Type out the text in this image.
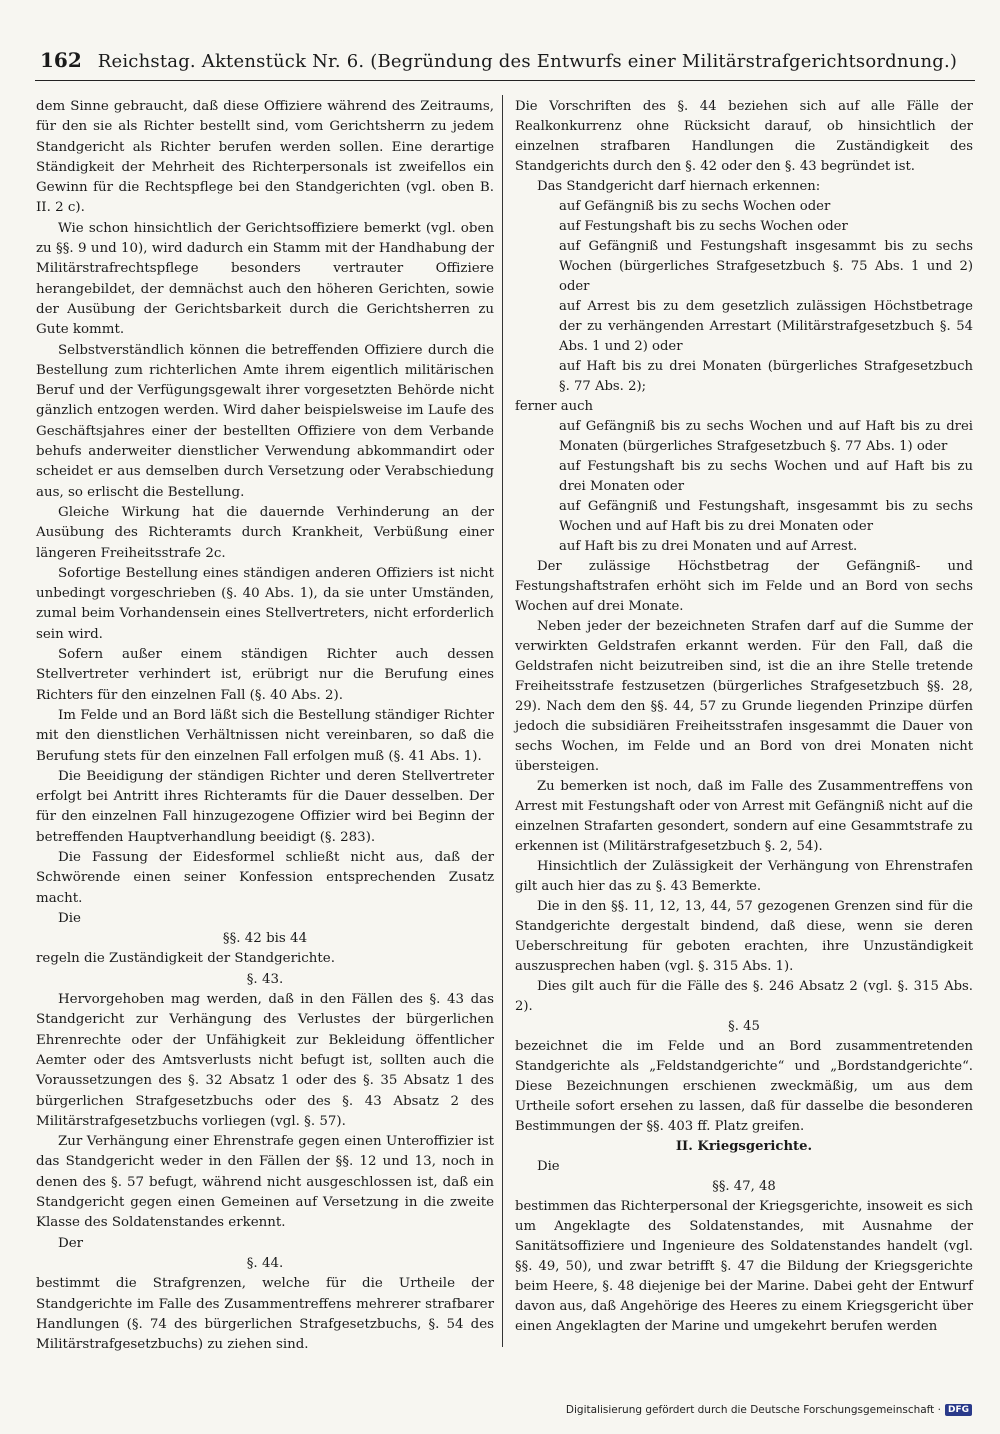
162 Reichstag. Aktenstück Nr. 6. (Begründung des Entwurfs einer Militärstrafgerichtsordnung.)

dem Sinne gebraucht, daß diese Offiziere während des Zeitraums, für den sie als Richter bestellt sind, vom Gerichtsherrn zu jedem Standgericht als Richter berufen werden sollen. Eine derartige Ständigkeit der Mehrheit des Richterpersonals ist zweifellos ein Gewinn für die Rechtspflege bei den Standgerichten (vgl. oben B. II. 2 c).

Wie schon hinsichtlich der Gerichtsoffiziere bemerkt (vgl. oben zu §§. 9 und 10), wird dadurch ein Stamm mit der Handhabung der Militärstrafrechtspflege besonders vertrauter Offiziere herangebildet, der demnächst auch den höheren Gerichten, sowie der Ausübung der Gerichtsbarkeit durch die Gerichtsherren zu Gute kommt.

Selbstverständlich können die betreffenden Offiziere durch die Bestellung zum richterlichen Amte ihrem eigentlich militärischen Beruf und der Verfügungsgewalt ihrer vorgesetzten Behörde nicht gänzlich entzogen werden. Wird daher beispielsweise im Laufe des Geschäftsjahres einer der bestellten Offiziere von dem Verbande behufs anderweiter dienstlicher Verwendung abkommandirt oder scheidet er aus demselben durch Versetzung oder Verabschiedung aus, so erlischt die Bestellung.

Gleiche Wirkung hat die dauernde Verhinderung an der Ausübung des Richteramts durch Krankheit, Verbüßung einer längeren Freiheitsstrafe 2c.

Sofortige Bestellung eines ständigen anderen Offiziers ist nicht unbedingt vorgeschrieben (§. 40 Abs. 1), da sie unter Umständen, zumal beim Vorhandensein eines Stellvertreters, nicht erforderlich sein wird.

Sofern außer einem ständigen Richter auch dessen Stellvertreter verhindert ist, erübrigt nur die Berufung eines Richters für den einzelnen Fall (§. 40 Abs. 2).

Im Felde und an Bord läßt sich die Bestellung ständiger Richter mit den dienstlichen Verhältnissen nicht vereinbaren, so daß die Berufung stets für den einzelnen Fall erfolgen muß (§. 41 Abs. 1).

Die Beeidigung der ständigen Richter und deren Stellvertreter erfolgt bei Antritt ihres Richteramts für die Dauer desselben. Der für den einzelnen Fall hinzugezogene Offizier wird bei Beginn der betreffenden Hauptverhandlung beeidigt (§. 283).

Die Fassung der Eidesformel schließt nicht aus, daß der Schwörende einen seiner Konfession entsprechenden Zusatz macht.

Die

§§. 42 bis 44

regeln die Zuständigkeit der Standgerichte.

§. 43.

Hervorgehoben mag werden, daß in den Fällen des §. 43 das Standgericht zur Verhängung des Verlustes der bürgerlichen Ehrenrechte oder der Unfähigkeit zur Bekleidung öffentlicher Aemter oder des Amtsverlusts nicht befugt ist, sollten auch die Voraussetzungen des §. 32 Absatz 1 oder des §. 35 Absatz 1 des bürgerlichen Strafgesetzbuchs oder des §. 43 Absatz 2 des Militärstrafgesetzbuchs vorliegen (vgl. §. 57).

Zur Verhängung einer Ehrenstrafe gegen einen Unteroffizier ist das Standgericht weder in den Fällen der §§. 12 und 13, noch in denen des §. 57 befugt, während nicht ausgeschlossen ist, daß ein Standgericht gegen einen Gemeinen auf Versetzung in die zweite Klasse des Soldatenstandes erkennt.

Der

§. 44.

bestimmt die Strafgrenzen, welche für die Urtheile der Standgerichte im Falle des Zusammentreffens mehrerer strafbarer Handlungen (§. 74 des bürgerlichen Strafgesetzbuchs, §. 54 des Militärstrafgesetzbuchs) zu ziehen sind.

Die Vorschriften des §. 44 beziehen sich auf alle Fälle der Realkonkurrenz ohne Rücksicht darauf, ob hinsichtlich der einzelnen strafbaren Handlungen die Zuständigkeit des Standgerichts durch den §. 42 oder den §. 43 begründet ist.

Das Standgericht darf hiernach erkennen:

auf Gefängniß bis zu sechs Wochen oder

auf Festungshaft bis zu sechs Wochen oder

auf Gefängniß und Festungshaft insgesammt bis zu sechs Wochen (bürgerliches Strafgesetzbuch §. 75 Abs. 1 und 2) oder

auf Arrest bis zu dem gesetzlich zulässigen Höchstbetrage der zu verhängenden Arrestart (Militärstrafgesetzbuch §. 54 Abs. 1 und 2) oder

auf Haft bis zu drei Monaten (bürgerliches Strafgesetzbuch §. 77 Abs. 2);

ferner auch

auf Gefängniß bis zu sechs Wochen und auf Haft bis zu drei Monaten (bürgerliches Strafgesetzbuch §. 77 Abs. 1) oder

auf Festungshaft bis zu sechs Wochen und auf Haft bis zu drei Monaten oder

auf Gefängniß und Festungshaft, insgesammt bis zu sechs Wochen und auf Haft bis zu drei Monaten oder

auf Haft bis zu drei Monaten und auf Arrest.

Der zulässige Höchstbetrag der Gefängniß- und Festungshaftstrafen erhöht sich im Felde und an Bord von sechs Wochen auf drei Monate.

Neben jeder der bezeichneten Strafen darf auf die Summe der verwirkten Geldstrafen erkannt werden. Für den Fall, daß die Geldstrafen nicht beizutreiben sind, ist die an ihre Stelle tretende Freiheitsstrafe festzusetzen (bürgerliches Strafgesetzbuch §§. 28, 29). Nach dem den §§. 44, 57 zu Grunde liegenden Prinzipe dürfen jedoch die subsidiären Freiheitsstrafen insgesammt die Dauer von sechs Wochen, im Felde und an Bord von drei Monaten nicht übersteigen.

Zu bemerken ist noch, daß im Falle des Zusammentreffens von Arrest mit Festungshaft oder von Arrest mit Gefängniß nicht auf die einzelnen Strafarten gesondert, sondern auf eine Gesammtstrafe zu erkennen ist (Militärstrafgesetzbuch §. 2, 54).

Hinsichtlich der Zulässigkeit der Verhängung von Ehrenstrafen gilt auch hier das zu §. 43 Bemerkte.

Die in den §§. 11, 12, 13, 44, 57 gezogenen Grenzen sind für die Standgerichte dergestalt bindend, daß diese, wenn sie deren Ueberschreitung für geboten erachten, ihre Unzuständigkeit auszusprechen haben (vgl. §. 315 Abs. 1).

Dies gilt auch für die Fälle des §. 246 Absatz 2 (vgl. §. 315 Abs. 2).

§. 45

bezeichnet die im Felde und an Bord zusammentretenden Standgerichte als „Feldstandgerichte“ und „Bordstandgerichte“. Diese Bezeichnungen erschienen zweckmäßig, um aus dem Urtheile sofort ersehen zu lassen, daß für dasselbe die besonderen Bestimmungen der §§. 403 ff. Platz greifen.

II. Kriegsgerichte.

Die

§§. 47, 48

bestimmen das Richterpersonal der Kriegsgerichte, insoweit es sich um Angeklagte des Soldatenstandes, mit Ausnahme der Sanitätsoffiziere und Ingenieure des Soldatenstandes handelt (vgl. §§. 49, 50), und zwar betrifft §. 47 die Bildung der Kriegsgerichte beim Heere, §. 48 diejenige bei der Marine. Dabei geht der Entwurf davon aus, daß Angehörige des Heeres zu einem Kriegsgericht über einen Angeklagten der Marine und umgekehrt berufen werden

Digitalisierung gefördert durch die Deutsche Forschungsgemeinschaft · DFG
